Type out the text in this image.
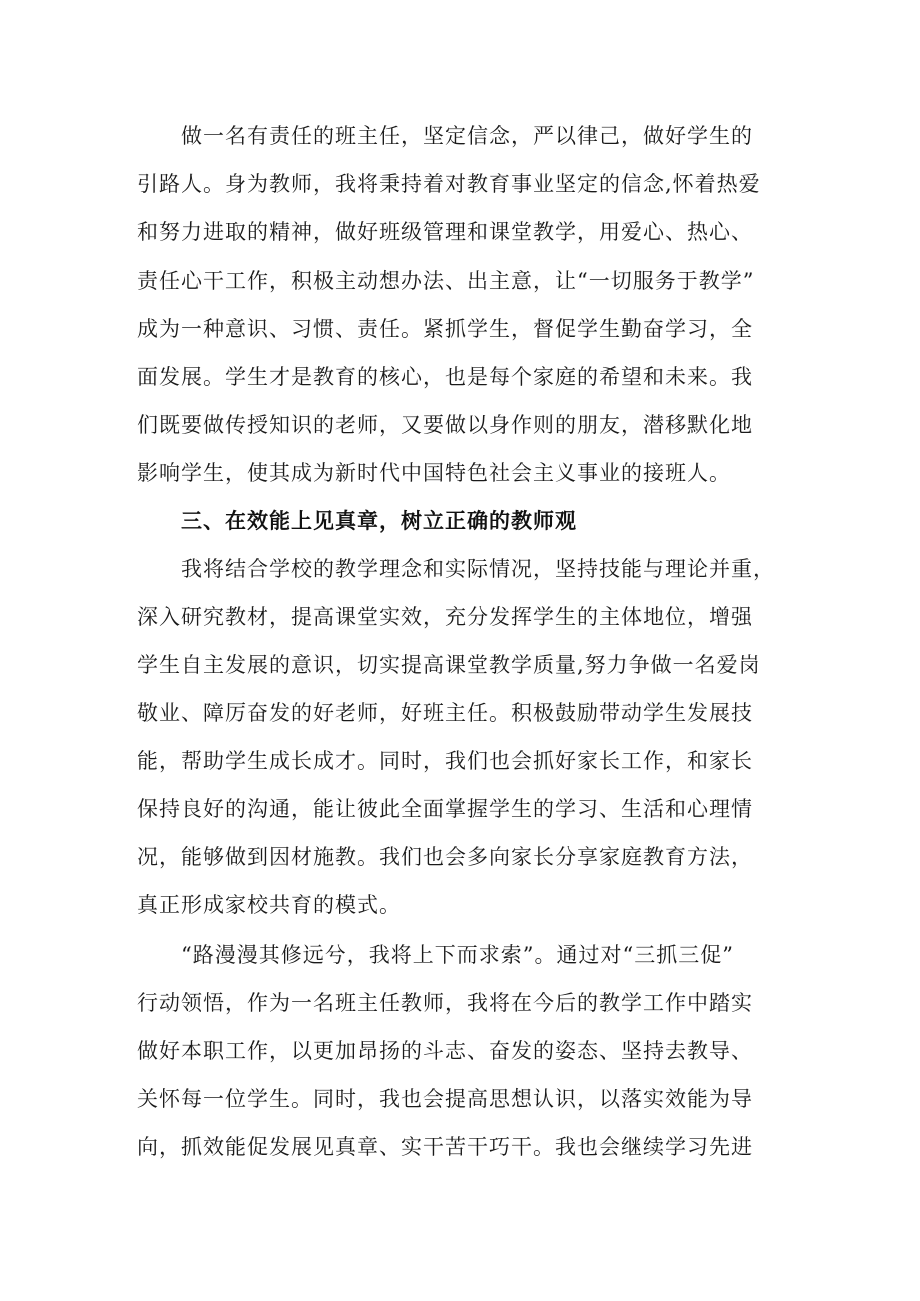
　　做一名有责任的班主任，坚定信念，严以律己，做好学生的
引路人。身为教师，我将秉持着对教育事业坚定的信念,怀着热爱
和努力进取的精神，做好班级管理和课堂教学，用爱心、热心、
责任心干工作，积极主动想办法、出主意，让“一切服务于教学”
成为一种意识、习惯、责任。紧抓学生，督促学生勤奋学习，全
面发展。学生才是教育的核心，也是每个家庭的希望和未来。我
们既要做传授知识的老师，又要做以身作则的朋友，潜移默化地
影响学生，使其成为新时代中国特色社会主义事业的接班人。
　　三、在效能上见真章，树立正确的教师观
　　我将结合学校的教学理念和实际情况，坚持技能与理论并重，
深入研究教材，提高课堂实效，充分发挥学生的主体地位，增强
学生自主发展的意识，切实提高课堂教学质量,努力争做一名爱岗
敬业、障厉奋发的好老师，好班主任。积极鼓励带动学生发展技
能，帮助学生成长成才。同时，我们也会抓好家长工作，和家长
保持良好的沟通，能让彼此全面掌握学生的学习、生活和心理情
况，能够做到因材施教。我们也会多向家长分享家庭教育方法，
真正形成家校共育的模式。
　　“路漫漫其修远兮，我将上下而求索”。通过对“三抓三促”
行动领悟，作为一名班主任教师，我将在今后的教学工作中踏实
做好本职工作，以更加昂扬的斗志、奋发的姿态、坚持去教导、
关怀每一位学生。同时，我也会提高思想认识，以落实效能为导
向，抓效能促发展见真章、实干苦干巧干。我也会继续学习先进
